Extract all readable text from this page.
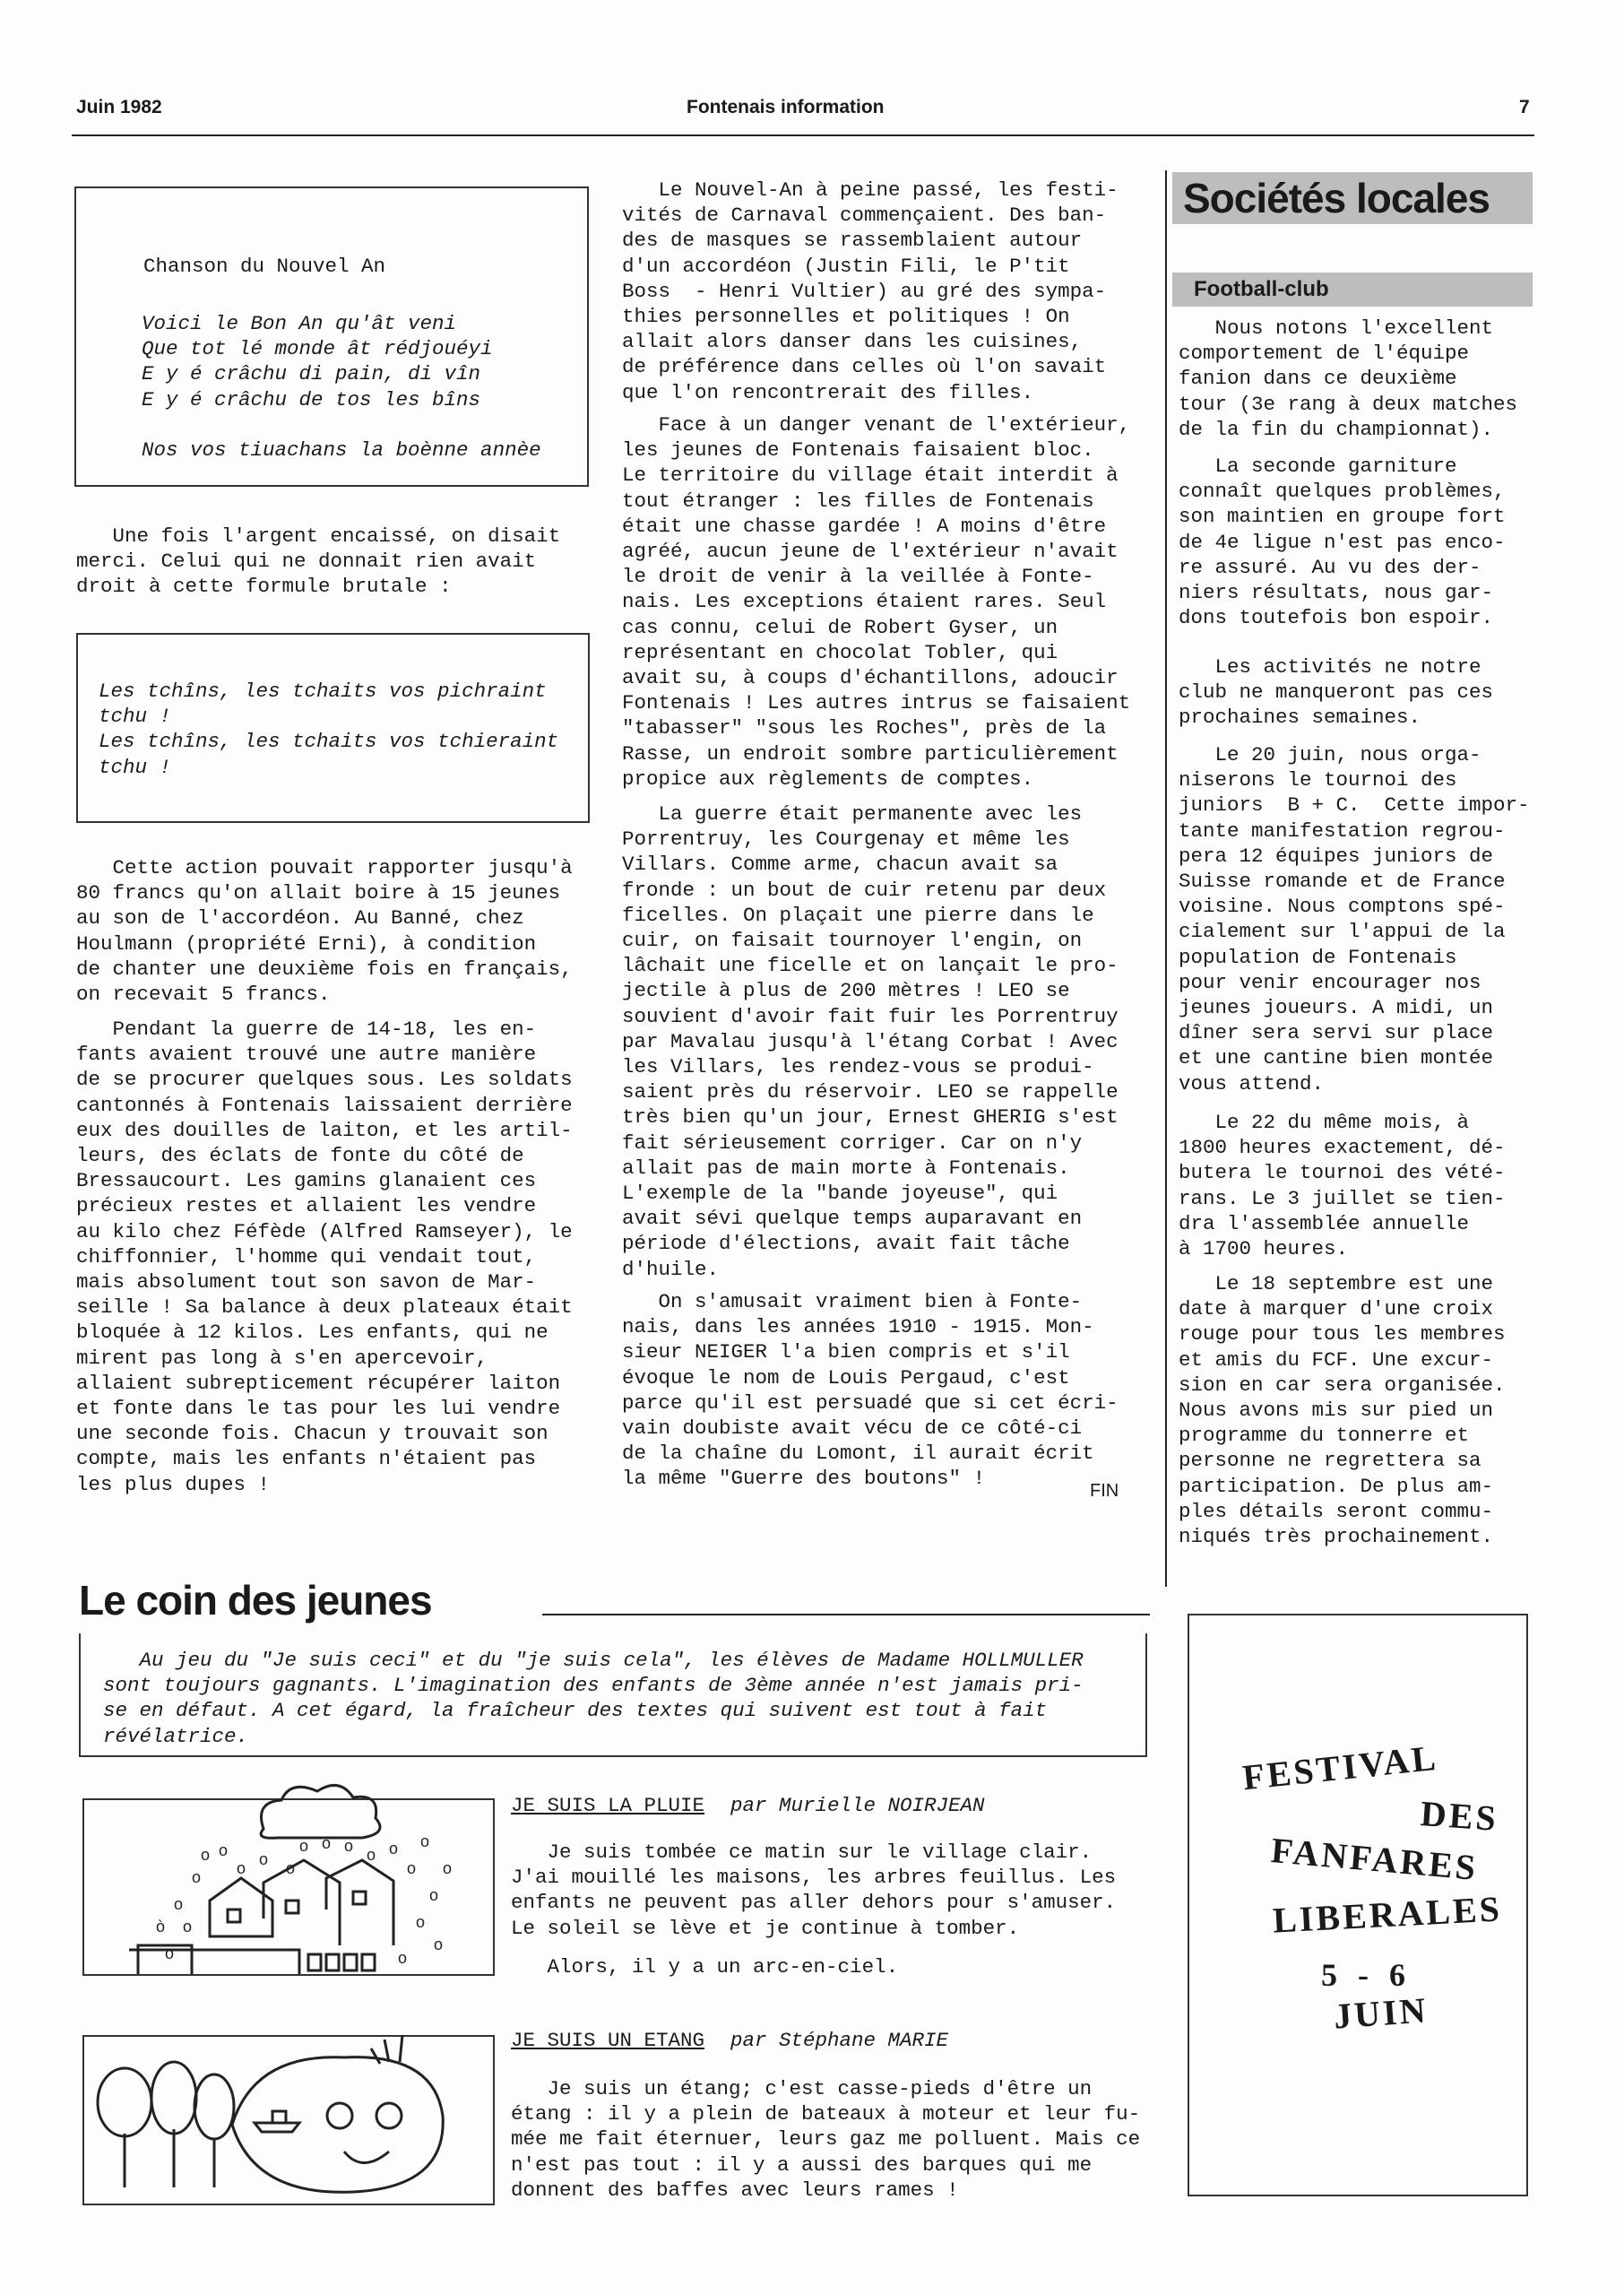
Juin 1982	Fontenais information	7
Chanson du Nouvel An
Voici le Bon An qu'ât veni
Que tot lé monde ât rédjouéyi
E y é crâchu di pain, di vîn
E y é crâchu de tos les bîns
Nos vos tiuachans la boènne annèe
Une fois l'argent encaissé, on disait
merci. Celui qui ne donnait rien avait
droit à cette formule brutale :
Les tchîns, les tchaits vos pichraint
tchu !
Les tchîns, les tchaits vos tchieraint
tchu !
Cette action pouvait rapporter jusqu'à
80 francs qu'on allait boire à 15 jeunes
au son de l'accordéon. Au Banné, chez
Houlmann (propriété Erni), à condition
de chanter une deuxième fois en français,
on recevait 5 francs.
Pendant la guerre de 14-18, les en-
fants avaient trouvé une autre manière
de se procurer quelques sous. Les soldats
cantonnés à Fontenais laissaient derrière
eux des douilles de laiton, et les artil-
leurs, des éclats de fonte du côté de
Bressaucourt. Les gamins glanaient ces
précieux restes et allaient les vendre
au kilo chez Féfède (Alfred Ramseyer), le
chiffonnier, l'homme qui vendait tout,
mais absolument tout son savon de Mar-
seille ! Sa balance à deux plateaux était
bloquée à 12 kilos. Les enfants, qui ne
mirent pas long à s'en apercevoir,
allaient subrepticement récupérer laiton
et fonte dans le tas pour les lui vendre
une seconde fois. Chacun y trouvait son
compte, mais les enfants n'étaient pas
les plus dupes !
Le Nouvel-An à peine passé, les festi-
vités de Carnaval commençaient. Des ban-
des de masques se rassemblaient autour
d'un accordéon (Justin Fili, le P'tit
Boss  - Henri Vultier) au gré des sympa-
thies personnelles et politiques ! On
allait alors danser dans les cuisines,
de préférence dans celles où l'on savait
que l'on rencontrerait des filles.
Face à un danger venant de l'extérieur,
les jeunes de Fontenais faisaient bloc.
Le territoire du village était interdit à
tout étranger : les filles de Fontenais
était une chasse gardée ! A moins d'être
agréé, aucun jeune de l'extérieur n'avait
le droit de venir à la veillée à Fonte-
nais. Les exceptions étaient rares. Seul
cas connu, celui de Robert Gyser, un
représentant en chocolat Tobler, qui
avait su, à coups d'échantillons, adoucir
Fontenais ! Les autres intrus se faisaient
"tabasser" "sous les Roches", près de la
Rasse, un endroit sombre particulièrement
propice aux règlements de comptes.
La guerre était permanente avec les
Porrentruy, les Courgenay et même les
Villars. Comme arme, chacun avait sa
fronde : un bout de cuir retenu par deux
ficelles. On plaçait une pierre dans le
cuir, on faisait tournoyer l'engin, on
lâchait une ficelle et on lançait le pro-
jectile à plus de 200 mètres ! LEO se
souvient d'avoir fait fuir les Porrentruy
par Mavalau jusqu'à l'étang Corbat ! Avec
les Villars, les rendez-vous se produi-
saient près du réservoir. LEO se rappelle
très bien qu'un jour, Ernest GHERIG s'est
fait sérieusement corriger. Car on n'y
allait pas de main morte à Fontenais.
L'exemple de la "bande joyeuse", qui
avait sévi quelque temps auparavant en
période d'élections, avait fait tâche
d'huile.
On s'amusait vraiment bien à Fonte-
nais, dans les années 1910 - 1915. Mon-
sieur NEIGER l'a bien compris et s'il
évoque le nom de Louis Pergaud, c'est
parce qu'il est persuadé que si cet écri-
vain doubiste avait vécu de ce côté-ci
de la chaîne du Lomont, il aurait écrit
la même "Guerre des boutons" !
FIN
Sociétés locales
Football-club
Nous notons l'excellent
comportement de l'équipe
fanion dans ce deuxième
tour (3e rang à deux matches
de la fin du championnat).
La seconde garniture
connaît quelques problèmes,
son maintien en groupe fort
de 4e ligue n'est pas enco-
re assuré. Au vu des der-
niers résultats, nous gar-
dons toutefois bon espoir.
Les activités ne notre
club ne manqueront pas ces
prochaines semaines.
Le 20 juin, nous orga-
niserons le tournoi des
juniors  B + C.  Cette impor-
tante manifestation regrou-
pera 12 équipes juniors de
Suisse romande et de France
voisine. Nous comptons spé-
cialement sur l'appui de la
population de Fontenais
pour venir encourager nos
jeunes joueurs. A midi, un
dîner sera servi sur place
et une cantine bien montée
vous attend.
Le 22 du même mois, à
1800 heures exactement, dé-
butera le tournoi des vété-
rans. Le 3 juillet se tien-
dra l'assemblée annuelle
à 1700 heures.
Le 18 septembre est une
date à marquer d'une croix
rouge pour tous les membres
et amis du FCF. Une excur-
sion en car sera organisée.
Nous avons mis sur pied un
programme du tonnerre et
personne ne regrettera sa
participation. De plus am-
ples détails seront commu-
niqués très prochainement.
Le coin des jeunes
Au jeu du "Je suis ceci" et du "je suis cela", les élèves de Madame HOLLMULLER
sont toujours gagnants. L'imagination des enfants de 3ème année n'est jamais pri-
se en défaut. A cet égard, la fraîcheur des textes qui suivent est tout à fait
révélatrice.
o
o
o
o
o
ò o
o
o o o o o
o
o
o
o
o
o
o
o	o
JE SUIS LA PLUIE par Murielle NOIRJEAN
Je suis tombée ce matin sur le village clair.
J'ai mouillé les maisons, les arbres feuillus. Les
enfants ne peuvent pas aller dehors pour s'amuser.
Le soleil se lève et je continue à tomber.
Alors, il y a un arc-en-ciel.
JE SUIS UN ETANG par Stéphane MARIE
Je suis un étang; c'est casse-pieds d'être un
étang : il y a plein de bateaux à moteur et leur fu-
mée me fait éternuer, leurs gaz me polluent. Mais ce
n'est pas tout : il y a aussi des barques qui me
donnent des baffes avec leurs rames !
FESTIVAL
DES
FANFARES
LIBERALES
5 - 6
JUIN
